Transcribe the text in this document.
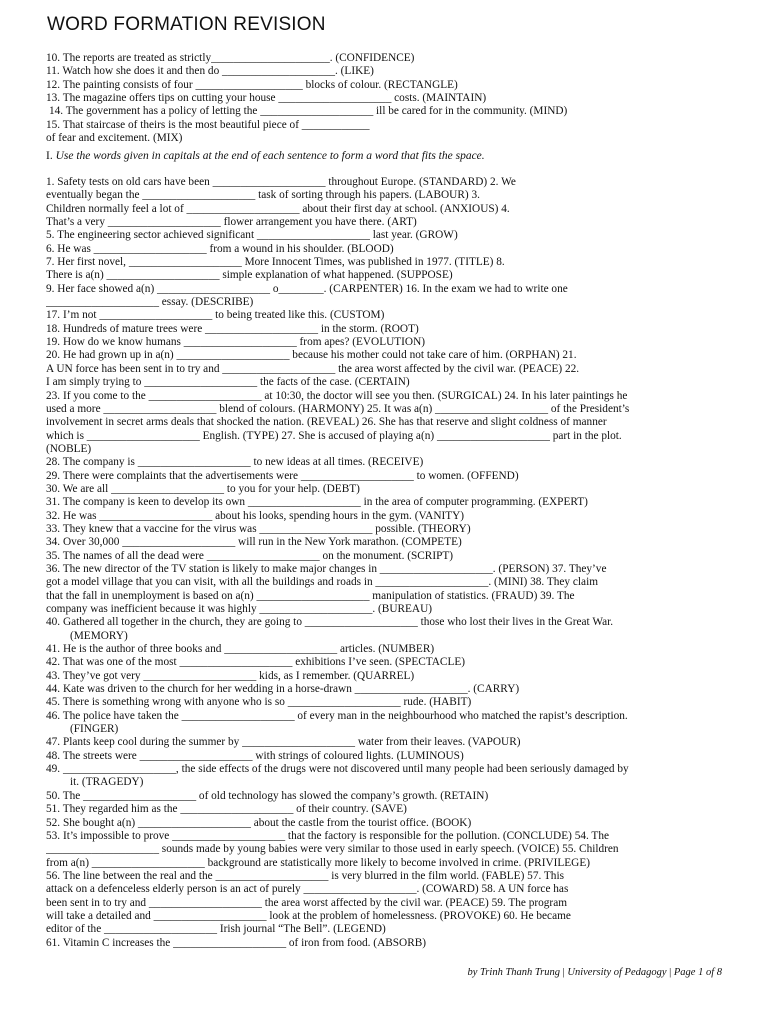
WORD FORMATION REVISION
10. The reports are treated as strictly_____________________. (CONFIDENCE)
11. Watch how she does it and then do ____________________. (LIKE)
12. The painting consists of four ___________________ blocks of colour. (RECTANGLE)
13. The magazine offers tips on cutting your house ____________________ costs. (MAINTAIN)
14. The government has a policy of letting the ____________________ ill be cared for in the community. (MIND)
15. That staircase of theirs is the most beautiful piece of ____________
of fear and excitement. (MIX)
I. Use the words given in capitals at the end of each sentence to form a word that fits the space.
1. Safety tests on old cars have been ____________________ throughout Europe. (STANDARD) 2. We
eventually began the ____________________ task of sorting through his papers. (LABOUR) 3.
Children normally feel a lot of ____________________ about their first day at school. (ANXIOUS) 4.
That’s a very ____________________ flower arrangement you have there. (ART)
5. The engineering sector achieved significant ____________________ last year. (GROW)
6. He was ____________________ from a wound in his shoulder. (BLOOD)
7. Her first novel, ____________________ More Innocent Times, was published in 1977. (TITLE) 8.
There is a(n) ____________________ simple explanation of what happened. (SUPPOSE)
9. Her face showed a(n) ____________________ o________. (CARPENTER) 16. In the exam we had to write one
____________________ essay. (DESCRIBE)
17. I’m not ____________________ to being treated like this. (CUSTOM)
18. Hundreds of mature trees were ____________________ in the storm. (ROOT)
19. How do we know humans ____________________ from apes? (EVOLUTION)
20. He had grown up in a(n) ____________________ because his mother could not take care of him. (ORPHAN) 21.
A UN force has been sent in to try and ____________________ the area worst affected by the civil war. (PEACE) 22.
I am simply trying to ____________________ the facts of the case. (CERTAIN)
23. If you come to the ____________________ at 10:30, the doctor will see you then. (SURGICAL) 24. In his later paintings he
used a more ____________________ blend of colours. (HARMONY) 25. It was a(n) ____________________ of the President’s
involvement in secret arms deals that shocked the nation. (REVEAL) 26. She has that reserve and slight coldness of manner
which is ____________________ English. (TYPE) 27. She is accused of playing a(n) ____________________ part in the plot.
(NOBLE)
28. The company is ____________________ to new ideas at all times. (RECEIVE)
29. There were complaints that the advertisements were ____________________ to women. (OFFEND)
30. We are all ____________________ to you for your help. (DEBT)
31. The company is keen to develop its own ____________________ in the area of computer programming. (EXPERT)
32. He was ____________________ about his looks, spending hours in the gym. (VANITY)
33. They knew that a vaccine for the virus was ____________________ possible. (THEORY)
34. Over 30,000 ____________________ will run in the New York marathon. (COMPETE)
35. The names of all the dead were ____________________ on the monument. (SCRIPT)
36. The new director of the TV station is likely to make major changes in ____________________. (PERSON) 37. They’ve
got a model village that you can visit, with all the buildings and roads in ____________________. (MINI) 38. They claim
that the fall in unemployment is based on a(n) ____________________ manipulation of statistics. (FRAUD) 39. The
company was inefficient because it was highly ____________________. (BUREAU)
40. Gathered all together in the church, they are going to ____________________ those who lost their lives in the Great War.
(MEMORY)
41. He is the author of three books and ____________________ articles. (NUMBER)
42. That was one of the most ____________________ exhibitions I’ve seen. (SPECTACLE)
43. They’ve got very ____________________ kids, as I remember. (QUARREL)
44. Kate was driven to the church for her wedding in a horse-drawn ____________________. (CARRY)
45. There is something wrong with anyone who is so ____________________ rude. (HABIT)
46. The police have taken the ____________________ of every man in the neighbourhood who matched the rapist’s description.
(FINGER)
47. Plants keep cool during the summer by ____________________ water from their leaves. (VAPOUR)
48. The streets were ____________________ with strings of coloured lights. (LUMINOUS)
49. ____________________, the side effects of the drugs were not discovered until many people had been seriously damaged by
it. (TRAGEDY)
50. The ____________________ of old technology has slowed the company’s growth. (RETAIN)
51. They regarded him as the ____________________ of their country. (SAVE)
52. She bought a(n) ____________________ about the castle from the tourist office. (BOOK)
53. It’s impossible to prove ____________________ that the factory is responsible for the pollution. (CONCLUDE) 54. The
____________________ sounds made by young babies were very similar to those used in early speech. (VOICE) 55. Children
from a(n) ____________________ background are statistically more likely to become involved in crime. (PRIVILEGE)
56. The line between the real and the ____________________ is very blurred in the film world. (FABLE) 57. This
attack on a defenceless elderly person is an act of purely ____________________. (COWARD) 58. A UN force has
been sent in to try and ____________________ the area worst affected by the civil war. (PEACE) 59. The program
will take a detailed and ____________________ look at the problem of homelessness. (PROVOKE) 60. He became
editor of the ____________________ Irish journal “The Bell”. (LEGEND)
61. Vitamin C increases the ____________________ of iron from food. (ABSORB)
by Trinh Thanh Trung | University of Pedagogy | Page 1 of 8
